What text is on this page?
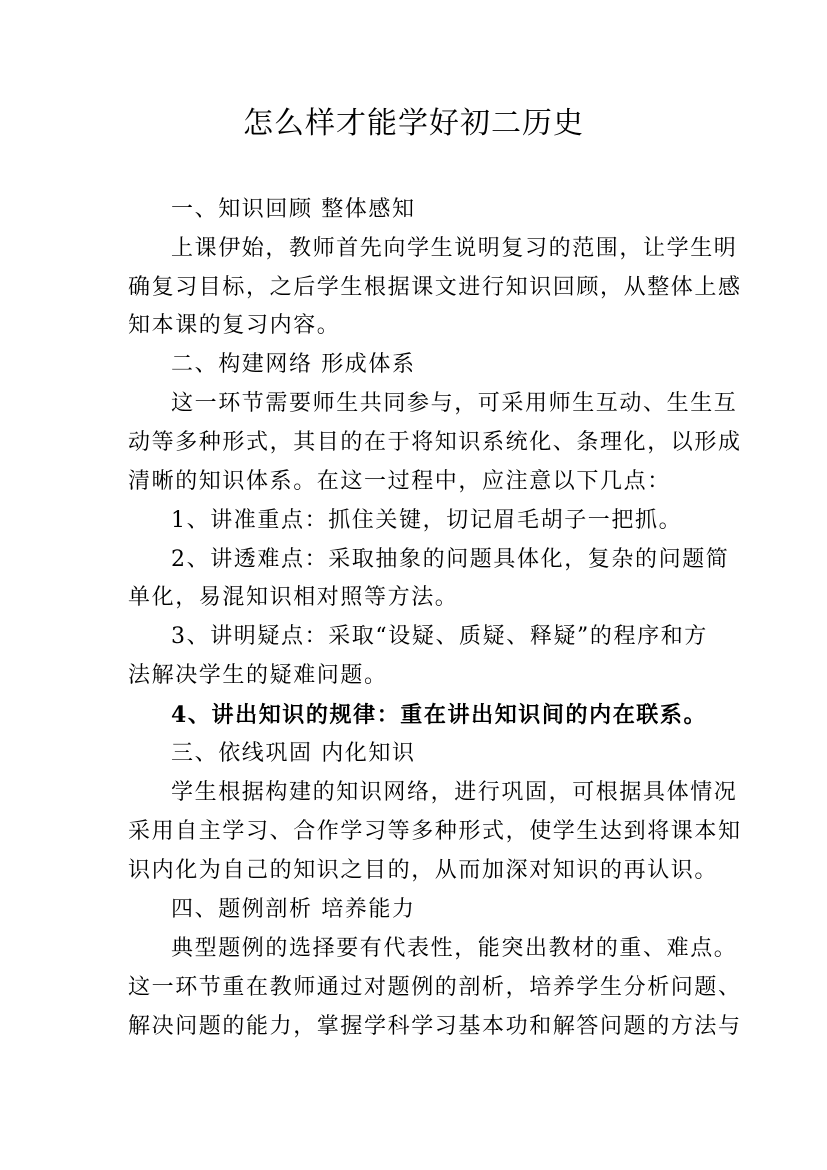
怎么样才能学好初二历史
一、知识回顾 整体感知
上课伊始，教师首先向学生说明复习的范围，让学生明
确复习目标，之后学生根据课文进行知识回顾，从整体上感
知本课的复习内容。
二、构建网络 形成体系
这一环节需要师生共同参与，可采用师生互动、生生互
动等多种形式，其目的在于将知识系统化、条理化，以形成
清晰的知识体系。在这一过程中，应注意以下几点：
1、讲准重点：抓住关键，切记眉毛胡子一把抓。
2、讲透难点：采取抽象的问题具体化，复杂的问题简
单化，易混知识相对照等方法。
3、讲明疑点：采取“设疑、质疑、释疑”的程序和方
法解决学生的疑难问题。
4、讲出知识的规律：重在讲出知识间的内在联系。
三、依线巩固 内化知识
学生根据构建的知识网络，进行巩固，可根据具体情况
采用自主学习、合作学习等多种形式，使学生达到将课本知
识内化为自己的知识之目的，从而加深对知识的再认识。
四、题例剖析 培养能力
典型题例的选择要有代表性，能突出教材的重、难点。
这一环节重在教师通过对题例的剖析，培养学生分析问题、
解决问题的能力，掌握学科学习基本功和解答问题的方法与
